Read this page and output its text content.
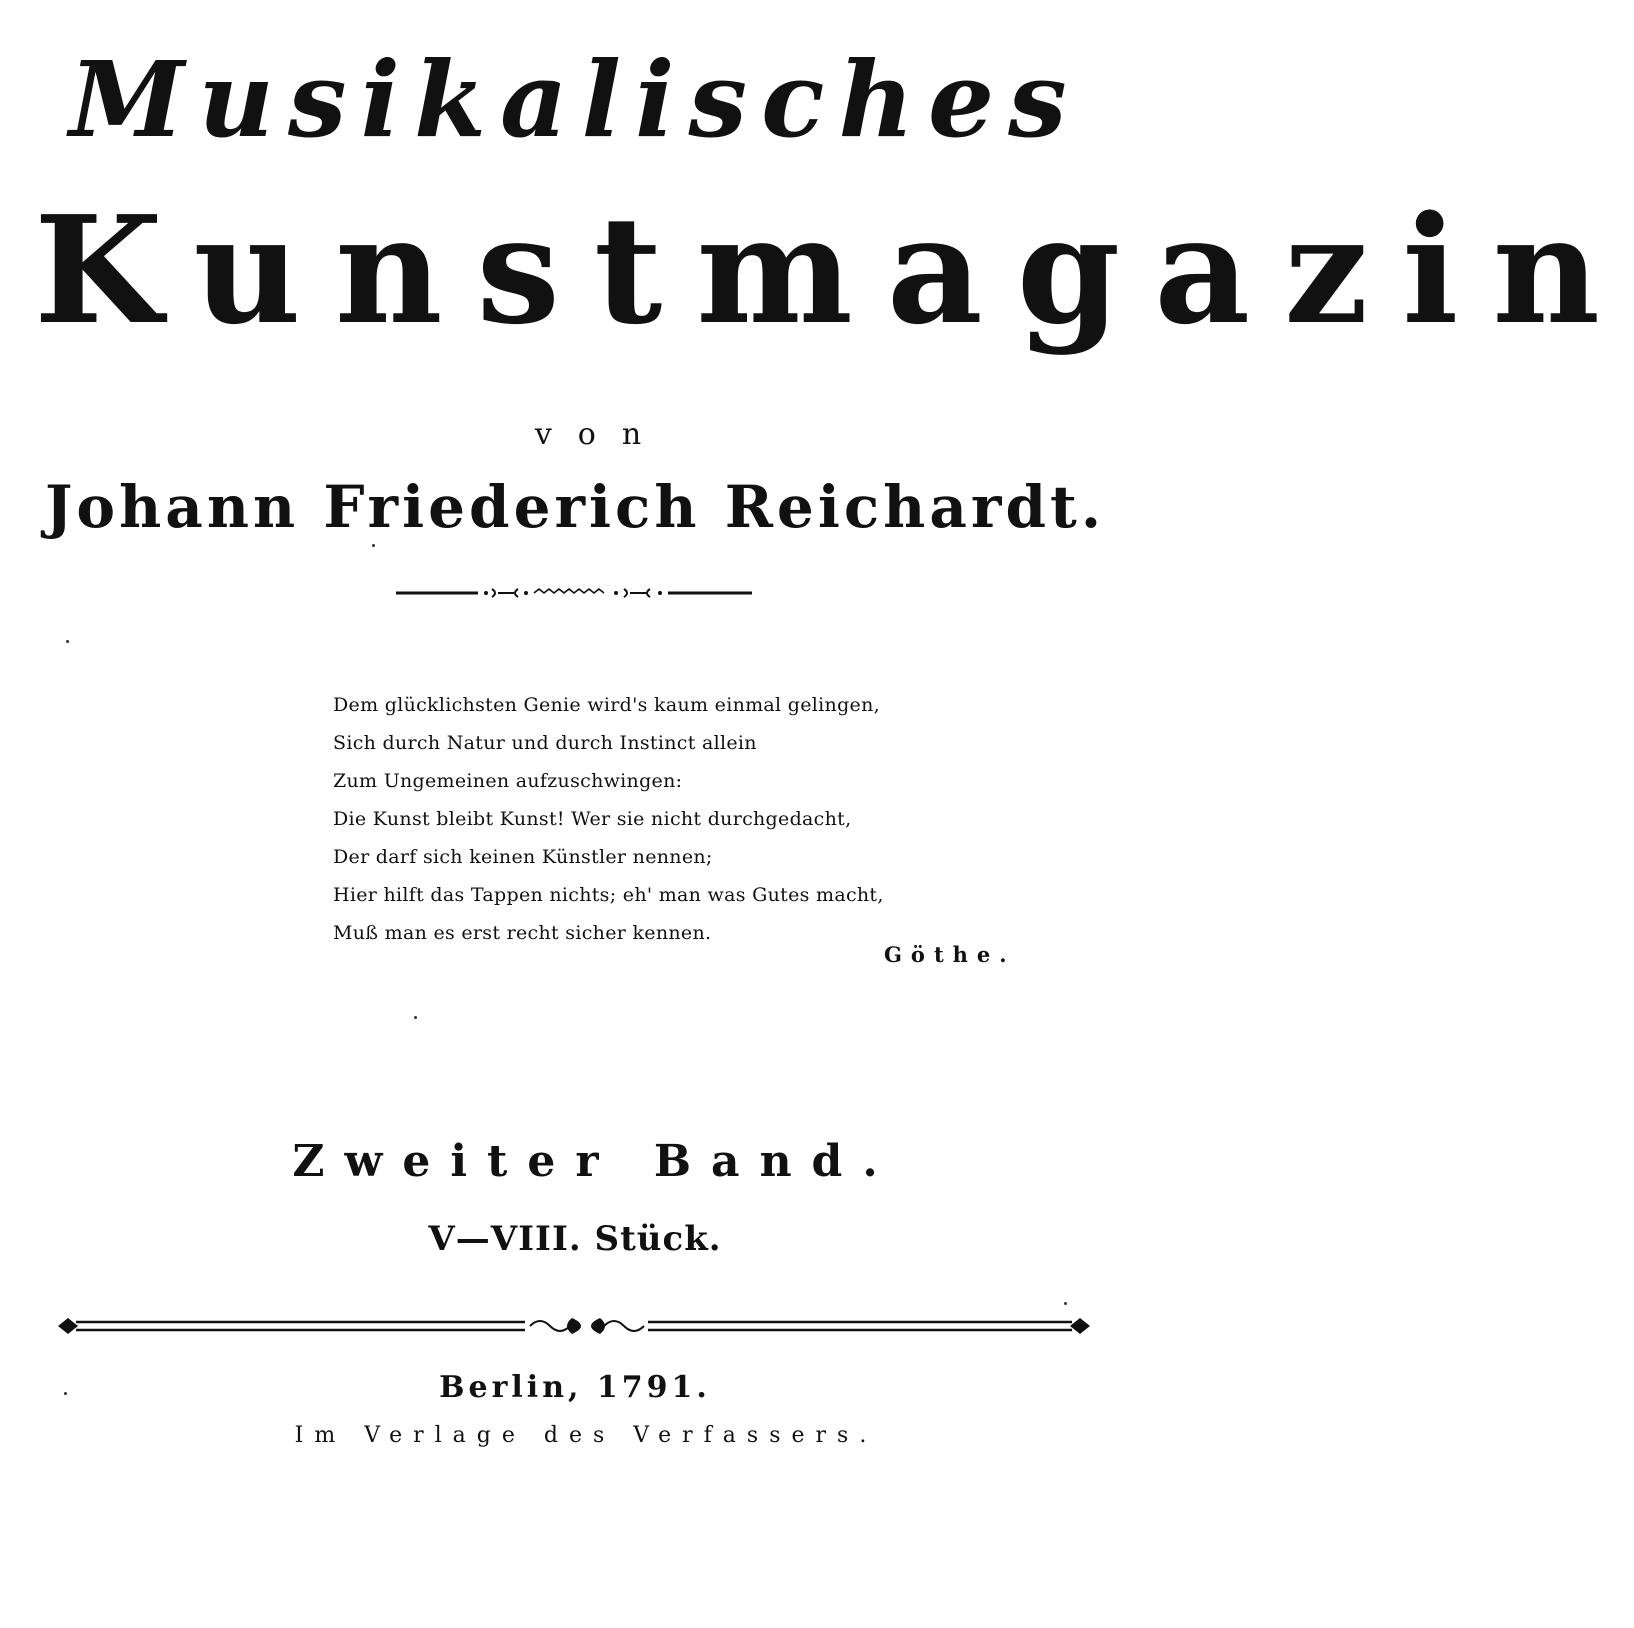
Musikalisches
Kunstmagazin
von
Johann Friederich Reichardt.
Dem glücklichsten Genie wird's kaum einmal gelingen,
Sich durch Natur und durch Instinct allein
Zum Ungemeinen aufzuschwingen:
Die Kunst bleibt Kunst! Wer sie nicht durchgedacht,
Der darf sich keinen Künstler nennen;
Hier hilft das Tappen nichts; eh' man was Gutes macht,
Muß man es erst recht sicher kennen.
Göthe.
Zweiter Band.
V—VIII. Stück.
Berlin, 1791.
Im Verlage des Verfassers.
